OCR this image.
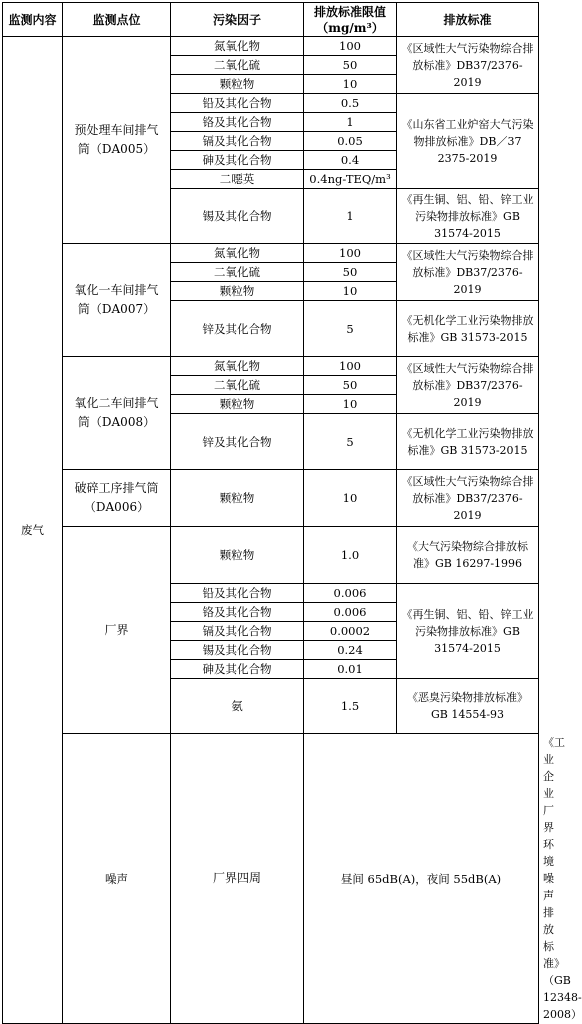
监测内容	监测点位	污染因子	排放标准限值（mg/m³）	排放标准	
废气	预处理车间排气筒（DA005）	氮氧化物	100	《区域性大气污染物综合排放标准》DB37/2376-2019	
		二氧化硫	50		
		颗粒物	10		
		铅及其化合物	0.5	《山东省工业炉窑大气污染物排放标准》DB／37 2375-2019	
		铬及其化合物	1		
		镉及其化合物	0.05		
		砷及其化合物	0.4		
		二噁英	0.4ng-TEQ/m³		
		锡及其化合物	1	《再生铜、铝、铅、锌工业污染物排放标准》GB 31574-2015	
	氧化一车间排气筒（DA007）	氮氧化物	100	《区域性大气污染物综合排放标准》DB37/2376-2019	
		二氧化硫	50		
		颗粒物	10		
		锌及其化合物	5	《无机化学工业污染物排放标准》GB 31573-2015	
	氧化二车间排气筒（DA008）	氮氧化物	100	《区域性大气污染物综合排放标准》DB37/2376-2019	
		二氧化硫	50		
		颗粒物	10		
		锌及其化合物	5	《无机化学工业污染物排放标准》GB 31573-2015	
	破碎工序排气筒（DA006）	颗粒物	10	《区域性大气污染物综合排放标准》DB37/2376-2019	
	厂界	颗粒物	1.0	《大气污染物综合排放标准》GB 16297-1996	
		铅及其化合物	0.006	《再生铜、铝、铅、锌工业污染物排放标准》GB 31574-2015	
		铬及其化合物	0.006		
		镉及其化合物	0.0002		
		锡及其化合物	0.24		
		砷及其化合物	0.01		
		氨	1.5	《恶臭污染物排放标准》GB 14554-93	
	噪声	厂界四周	昼间 65dB(A)，夜间 55dB(A)		《工业企业厂界环境噪声排放标准》（GB 12348-2008）
